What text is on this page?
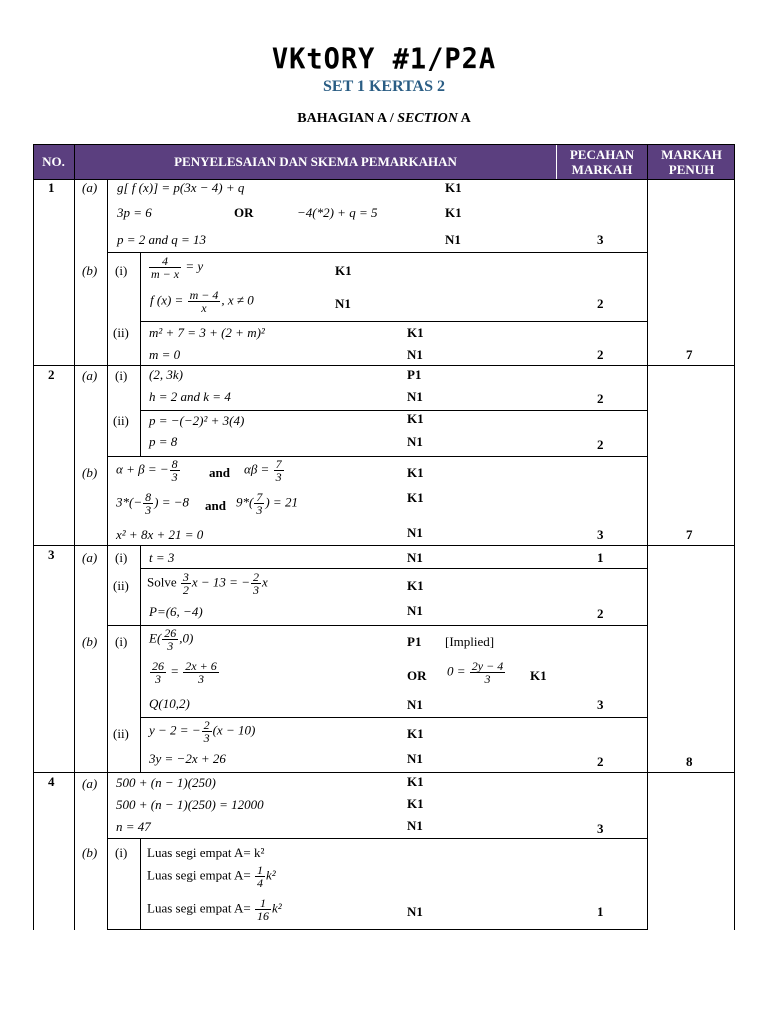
VKtORY #1/P2A
SET 1 KERTAS 2
BAHAGIAN A / SECTION A
NO.	PENYELESAIAN DAN SKEMA PEMARKAHAN	PECAHAN MARKAH
MARKAH PENUH
1 (a) g[ f (x)] = p(3x − 4) + q	K1
3p = 6	OR	−4(*2) + q = 5	K1
p = 2 and q = 13	N1	3
(b) $(i) \frac{4}{m - x} = y$	K1
f $(x) = \frac{m - 4}{x}$ , x ≠ 0	N1	2
(ii) m² + 7 = 3 + (2 + m)²	K1
m = 0	N1	2	7
2 (a) (i) (2, 3k)	P1
h = 2 and k = 4	N1	2
(ii) p = −(−2)² + 3(4)	K1
p = 8	N1	2
(b) α + β = − $\frac{8}{3}$ and $\alpha\beta = \frac{7}{3}$	K1
$3*(- \frac{8}{3}$ ) = −8 and $9*( \frac{7}{3}$ ) = 21	K1
x² + 8x + 21 = 0	N1	3	7
3 (a) (i) t = 3	N1	1
(ii) Solve $\frac{3}{2}$ x − 13 = − $\frac{2}{3}$ x	K1
P=(6, −4)	N1	2
(b) (i) $E( \frac{26}{3} ,0)$	P1 [Implied]
$\frac{26}{3} = \frac{2x + 6}{3}$	OR $0 = \frac{2y - 4}{3} K1$
Q(10,2)	N1	3
(ii) y − 2 = − $\frac{2}{3} (x - 10)$	K1
3y = −2x + 26	N1	2	8
4 (a) 500 + (n − 1)(250)	K1
500 + (n − 1)(250) = 12000	K1
n = 47	N1	3
(b) (i) Luas segi empat A= k²
Luas segi empat $A= \frac{1}{4} k^2$
Luas segi empat $A= \frac{1}{16} k^2$	N1	1
